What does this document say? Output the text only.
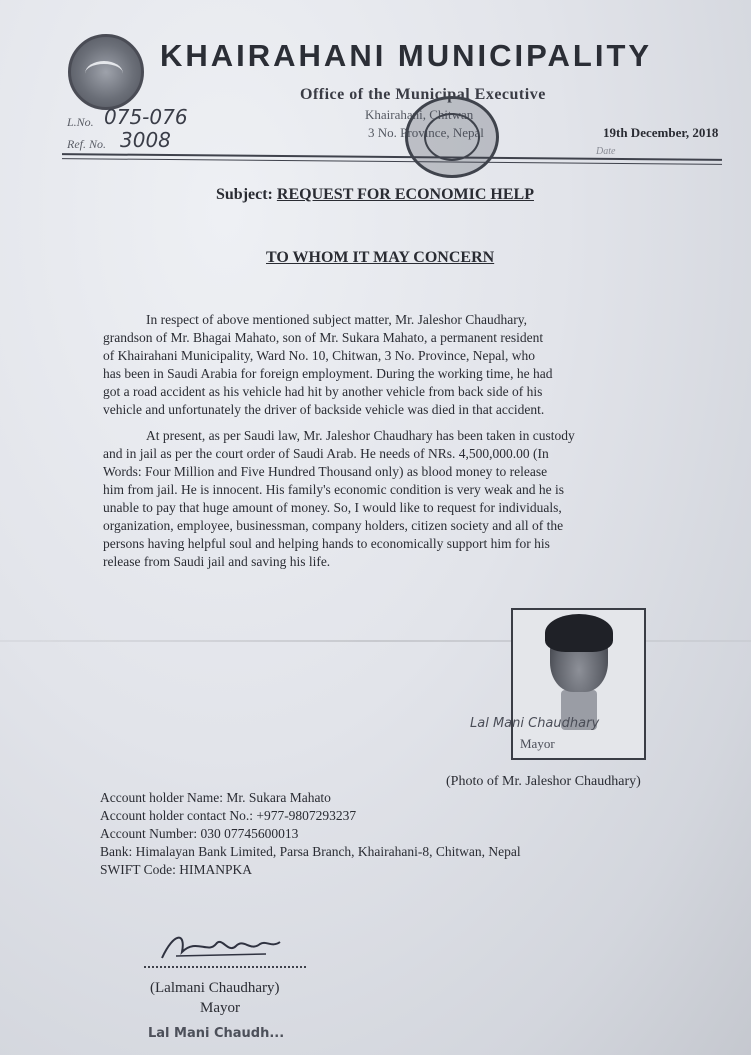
KHAIRAHANI MUNICIPALITY
Office of the Municipal Executive
Khairahani, Chitwan
3 No. Province, Nepal
L.No. 075-076
Ref. No. 3008	19th December, 2018
Date
Subject: REQUEST FOR ECONOMIC HELP
TO WHOM IT MAY CONCERN
In respect of above mentioned subject matter, Mr. Jaleshor Chaudhary,
grandson of Mr. Bhagai Mahato, son of Mr. Sukara Mahato, a permanent resident
of Khairahani Municipality, Ward No. 10, Chitwan, 3 No. Province, Nepal, who
has been in Saudi Arabia for foreign employment. During the working time, he had
got a road accident as his vehicle had hit by another vehicle from back side of his
vehicle and unfortunately the driver of backside vehicle was died in that accident.
At present, as per Saudi law, Mr. Jaleshor Chaudhary has been taken in custody
and in jail as per the court order of Saudi Arab. He needs of NRs. 4,500,000.00 (In
Words: Four Million and Five Hundred Thousand only) as blood money to release
him from jail. He is innocent. His family's economic condition is very weak and he is
unable to pay that huge amount of money. So, I would like to request for individuals,
organization, employee, businessman, company holders, citizen society and all of the
persons having helpful soul and helping hands to economically support him for his
release from Saudi jail and saving his life.
Lal Mani Chaudhary
Mayor
(Photo of Mr. Jaleshor Chaudhary)
Account holder Name: Mr. Sukara Mahato
Account holder contact No.: +977-9807293237
Account Number: 030 07745600013
Bank: Himalayan Bank Limited, Parsa Branch, Khairahani-8, Chitwan, Nepal
SWIFT Code: HIMANPKA
(Lalmani Chaudhary)
Mayor
Lal Mani Chaudh...
